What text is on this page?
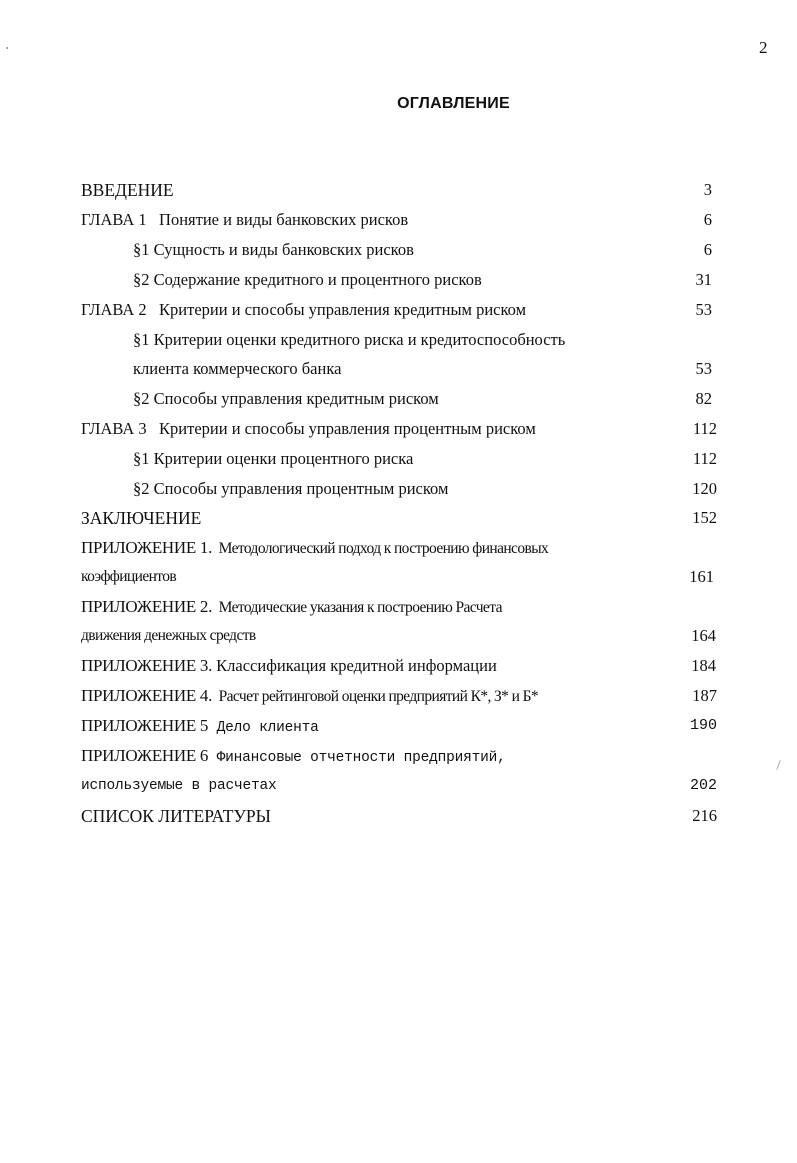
2
ОГЛАВЛЕНИЕ
ВВЕДЕНИЕ	3
ГЛАВА 1 Понятие и виды банковских рисков	6
§1 Сущность и виды банковских рисков	6
§2 Содержание кредитного и процентного рисков	31
ГЛАВА 2 Критерии и способы управления кредитным риском	53
§1 Критерии оценки кредитного риска и кредитоспособность
клиента коммерческого банка	53
§2 Способы управления кредитным риском	82
ГЛАВА 3 Критерии и способы управления процентным риском	112
§1 Критерии оценки процентного риска	112
§2 Способы управления процентным риском	120
ЗАКЛЮЧЕНИЕ	152
ПРИЛОЖЕНИЕ 1. Методологический подход к построению финансовых
коэффициентов	161
ПРИЛОЖЕНИЕ 2. Методические указания к построению Расчета
движения денежных средств	164
ПРИЛОЖЕНИЕ 3. Классификация кредитной информации	184
ПРИЛОЖЕНИЕ 4. Расчет рейтинговой оценки предприятий К*, З* и Б*	187
ПРИЛОЖЕНИЕ 5 Дело клиента	190
ПРИЛОЖЕНИЕ 6 Финансовые отчетности предприятий,
используемые в расчетах	202
СПИСОК ЛИТЕРАТУРЫ	216
